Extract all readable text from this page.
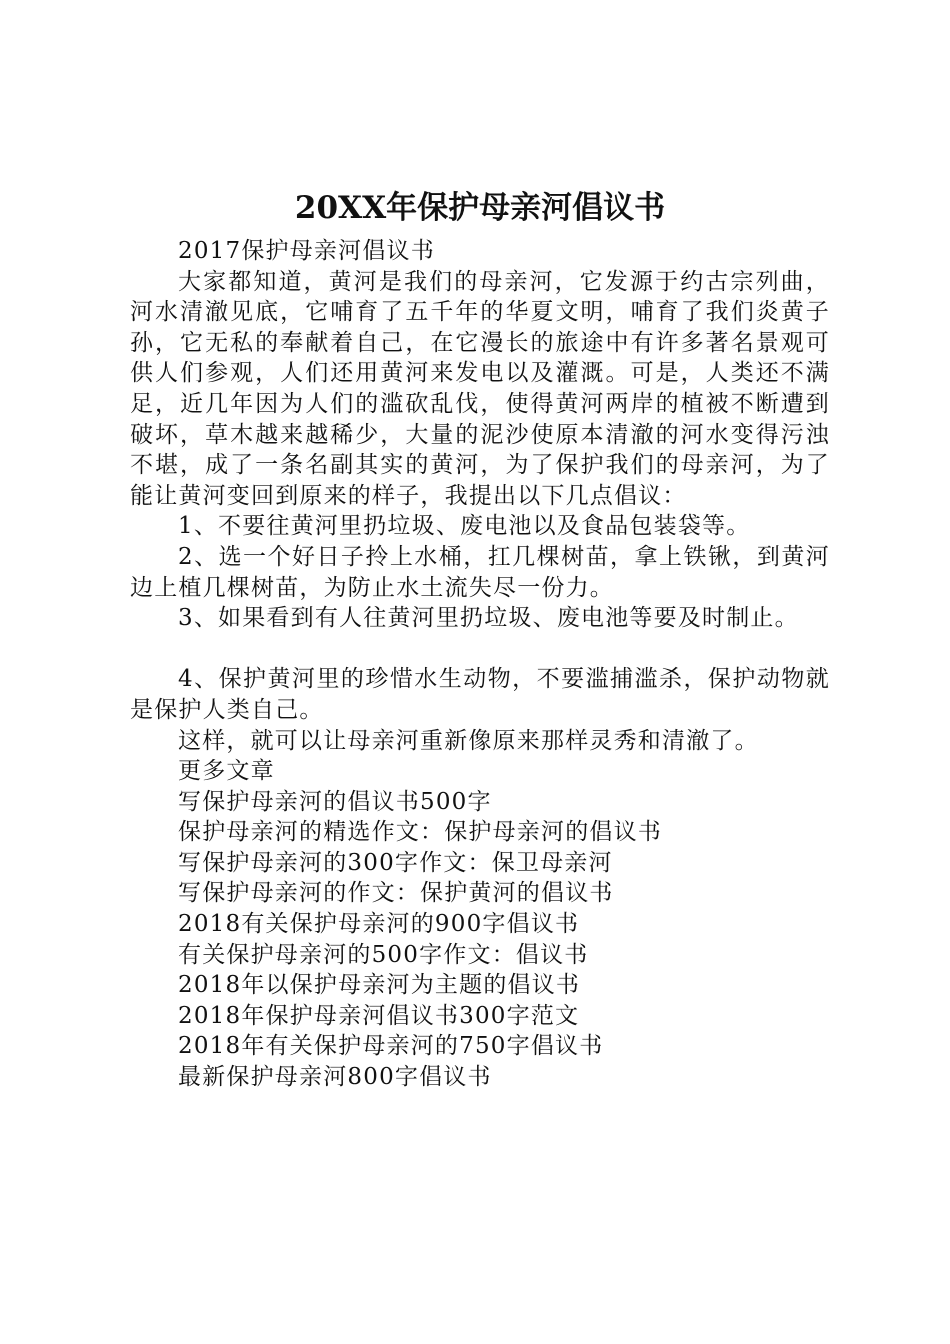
20XX年保护母亲河倡议书

2017保护母亲河倡议书

大家都知道，黄河是我们的母亲河，它发源于约古宗列曲，河水清澈见底，它哺育了五千年的华夏文明，哺育了我们炎黄子孙，它无私的奉献着自己，在它漫长的旅途中有许多著名景观可供人们参观，人们还用黄河来发电以及灌溉。可是，人类还不满足，近几年因为人们的滥砍乱伐，使得黄河两岸的植被不断遭到破坏，草木越来越稀少，大量的泥沙使原本清澈的河水变得污浊不堪，成了一条名副其实的黄河，为了保护我们的母亲河，为了能让黄河变回到原来的样子，我提出以下几点倡议：

1、不要往黄河里扔垃圾、废电池以及食品包装袋等。

2、选一个好日子拎上水桶，扛几棵树苗，拿上铁锹，到黄河边上植几棵树苗，为防止水土流失尽一份力。

3、如果看到有人往黄河里扔垃圾、废电池等要及时制止。

4、保护黄河里的珍惜水生动物，不要滥捕滥杀，保护动物就是保护人类自己。

这样，就可以让母亲河重新像原来那样灵秀和清澈了。

更多文章

写保护母亲河的倡议书500字
保护母亲河的精选作文：保护母亲河的倡议书
写保护母亲河的300字作文：保卫母亲河
写保护母亲河的作文：保护黄河的倡议书
2018有关保护母亲河的900字倡议书
有关保护母亲河的500字作文：倡议书
2018年以保护母亲河为主题的倡议书
2018年保护母亲河倡议书300字范文
2018年有关保护母亲河的750字倡议书
最新保护母亲河800字倡议书
